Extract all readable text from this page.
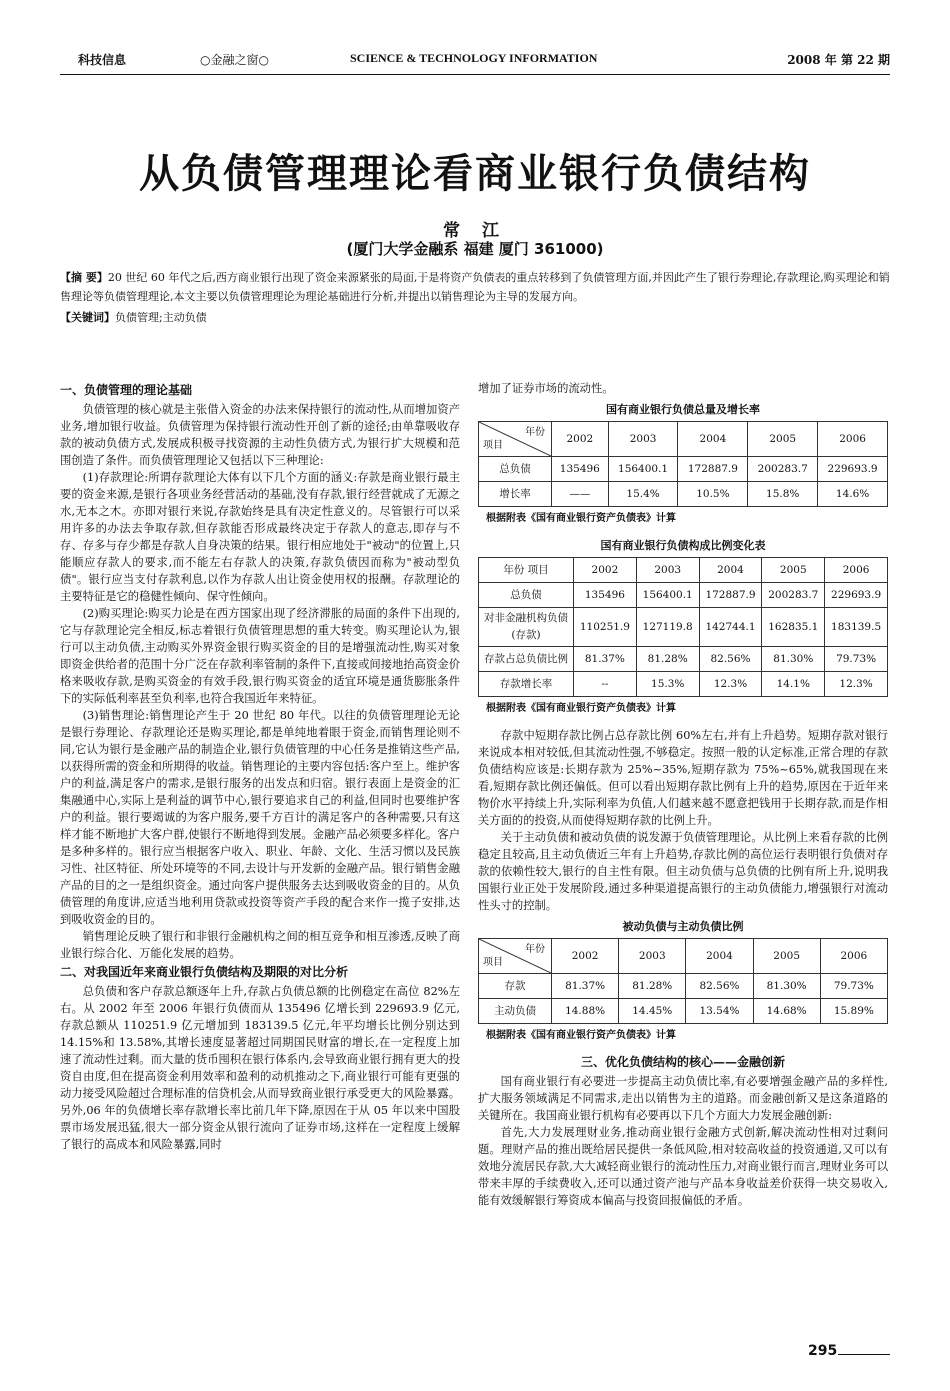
科技信息	○金融之窗○	SCIENCE & TECHNOLOGY INFORMATION	2008 年 第 22 期
从负债管理理论看商业银行负债结构
常 江
(厦门大学金融系 福建 厦门 361000)
【摘 要】20 世纪 60 年代之后,西方商业银行出现了资金来源紧张的局面,于是将资产负债表的重点转移到了负债管理方面,并因此产生了银行券理论,存款理论,购买理论和销售理论等负债管理理论,本文主要以负债管理理论为理论基础进行分析,并提出以销售理论为主导的发展方向。
【关键词】负债管理;主动负债
一、负债管理的理论基础

负债管理的核心就是主张借入资金的办法来保持银行的流动性,从而增加资产业务,增加银行收益。负债管理为保持银行流动性开创了新的途径;由单靠吸收存款的被动负债方式,发展成积极寻找资源的主动性负债方式,为银行扩大规模和范围创造了条件。而负债管理理论又包括以下三种理论:

(1)存款理论:所谓存款理论大体有以下几个方面的涵义:存款是商业银行最主要的资金来源,是银行各项业务经营活动的基础,没有存款,银行经营就成了无源之水,无本之木。亦即对银行来说,存款始终是具有决定性意义的。尽管银行可以采用许多的办法去争取存款,但存款能否形成最终决定于存款人的意志,即存与不存、存多与存少都是存款人自身决策的结果。银行相应地处于"被动"的位置上,只能顺应存款人的要求,而不能左右存款人的决策,存款负债因而称为"被动型负债"。银行应当支付存款利息,以作为存款人出让资金使用权的报酬。存款理论的主要特征是它的稳健性倾向、保守性倾向。

(2)购买理论:购买力论是在西方国家出现了经济滞胀的局面的条件下出现的,它与存款理论完全相反,标志着银行负债管理思想的重大转变。购买理论认为,银行可以主动负债,主动购买外界资金银行购买资金的目的是增强流动性,购买对象即资金供给者的范围十分广泛在存款利率管制的条件下,直接或间接地抬高资金价格来吸收存款,是购买资金的有效手段,银行购买资金的适宜环境是通货膨胀条件下的实际低利率甚至负利率,也符合我国近年来特征。

(3)销售理论:销售理论产生于 20 世纪 80 年代。以往的负债管理理论无论是银行券理论、存款理论还是购买理论,都是单纯地着眼于资金,而销售理论则不同,它认为银行是金融产品的制造企业,银行负债管理的中心任务是推销这些产品,以获得所需的资金和所期得的收益。销售理论的主要内容包括:客户至上。维护客户的利益,满足客户的需求,是银行服务的出发点和归宿。银行表面上是资金的汇集融通中心,实际上是利益的调节中心,银行要追求自己的利益,但同时也要维护客户的利益。银行要竭诚的为客户服务,要千方百计的满足客户的各种需要,只有这样才能不断地扩大客户群,使银行不断地得到发展。金融产品必须要多样化。客户是多种多样的。银行应当根据客户收入、职业、年龄、文化、生活习惯以及民族习性、社区特征、所处环境等的不同,去设计与开发新的金融产品。银行销售金融产品的目的之一是组织资金。通过向客户提供服务去达到吸收资金的目的。从负债管理的角度讲,应适当地利用贷款或投资等资产手段的配合来作一揽子安排,达到吸收资金的目的。

销售理论反映了银行和非银行金融机构之间的相互竞争和相互渗透,反映了商业银行综合化、万能化发展的趋势。

二、对我国近年来商业银行负债结构及期限的对比分析

总负债和客户存款总额逐年上升,存款占负债总额的比例稳定在高位 82%左右。从 2002 年至 2006 年银行负债而从 135496 亿增长到 229693.9 亿元,存款总额从 110251.9 亿元增加到 183139.5 亿元,年平均增长比例分别达到 14.15%和 13.58%,其增长速度显著超过同期国民财富的增长,在一定程度上加速了流动性过剩。而大量的货币囤积在银行体系内,会导致商业银行拥有更大的投资自由度,但在提高资金利用效率和盈利的动机推动之下,商业银行可能有更强的动力接受风险超过合理标准的信贷机会,从而导致商业银行承受更大的风险暴露。另外,06 年的负债增长率存款增长率比前几年下降,原因在于从 05 年以来中国股票市场发展迅猛,很大一部分资金从银行流向了证券市场,这样在一定程度上缓解了银行的高成本和风险暴露,同时

增加了证券市场的流动性。

国有商业银行负债总量及增长率
年份
项目	2002	2003	2004	2005	2006
总负债	135496	156400.1	172887.9	200283.7	229693.9
增长率	——	15.4%	10.5%	15.8%	14.6%
根据附表《国有商业银行资产负债表》计算
国有商业银行负债构成比例变化表
年份 项目	2002	2003	2004	2005	2006
总负债	135496	156400.1	172887.9	200283.7	229693.9
对非金融机构负债(存款)	110251.9	127119.8	142744.1	162835.1	183139.5
存款占总负债比例	81.37%	81.28%	82.56%	81.30%	79.73%
存款增长率	--	15.3%	12.3%	14.1%	12.3%
根据附表《国有商业银行资产负债表》计算

存款中短期存款比例占总存款比例 60%左右,并有上升趋势。短期存款对银行来说成本相对较低,但其流动性强,不够稳定。按照一般的认定标准,正常合理的存款负债结构应该是:长期存款为 25%~35%,短期存款为 75%~65%,就我国现在来看,短期存款比例还偏低。但可以看出短期存款比例有上升的趋势,原因在于近年来物价水平持续上升,实际利率为负值,人们越来越不愿意把钱用于长期存款,而是作相关方面的的投资,从而使得短期存款的比例上升。

关于主动负债和被动负债的说发源于负债管理理论。从比例上来看存款的比例稳定且较高,且主动负债近三年有上升趋势,存款比例的高位运行表明银行负债对存款的依赖性较大,银行的自主性有限。但主动负债与总负债的比例有所上升,说明我国银行业正处于发展阶段,通过多种渠道提高银行的主动负债能力,增强银行对流动性头寸的控制。

被动负债与主动负债比例
年份
项目	2002	2003	2004	2005	2006
存款	81.37%	81.28%	82.56%	81.30%	79.73%
主动负债	14.88%	14.45%	13.54%	14.68%	15.89%
根据附表《国有商业银行资产负债表》计算
三、优化负债结构的核心——金融创新

国有商业银行有必要进一步提高主动负债比率,有必要增强金融产品的多样性,扩大服务领域满足不同需求,走出以销售为主的道路。而金融创新又是这条道路的关键所在。我国商业银行机构有必要再以下几个方面大力发展金融创新:

首先,大力发展理财业务,推动商业银行金融方式创新,解决流动性相对过剩问题。理财产品的推出既给居民提供一条低风险,相对较高收益的投资通道,又可以有效地分流居民存款,大大减轻商业银行的流动性压力,对商业银行而言,理财业务可以带来丰厚的手续费收入,还可以通过资产池与产品本身收益差价获得一块交易收入,能有效缓解银行筹资成本偏高与投资回报偏低的矛盾。

295
